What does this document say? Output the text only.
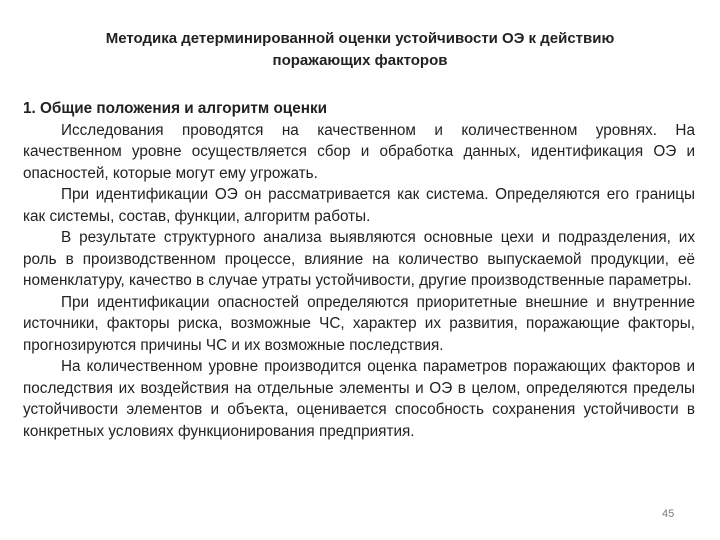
Методика детерминированной оценки устойчивости ОЭ к действию поражающих факторов

1. Общие положения и алгоритм оценки

Исследования проводятся на качественном и количественном уровнях. На качественном уровне осуществляется сбор и обработка данных, идентификация ОЭ и опасностей, которые могут ему угрожать.

При идентификации ОЭ он рассматривается как система. Определяются его границы как системы, состав, функции, алгоритм работы.

В результате структурного анализа выявляются основные цехи и подразделения, их роль в производственном процессе, влияние на количество выпускаемой продукции, её номенклатуру, качество в случае утраты устойчивости, другие производственные параметры.

При идентификации опасностей определяются приоритетные внешние и внутренние источники, факторы риска, возможные ЧС, характер их развития, поражающие факторы, прогнозируются причины ЧС и их возможные последствия.

На количественном уровне производится оценка параметров поражающих факторов и последствия их воздействия на отдельные элементы и ОЭ в целом, определяются пределы устойчивости элементов и объекта, оценивается способность сохранения устойчивости в конкретных условиях функционирования предприятия.

45
